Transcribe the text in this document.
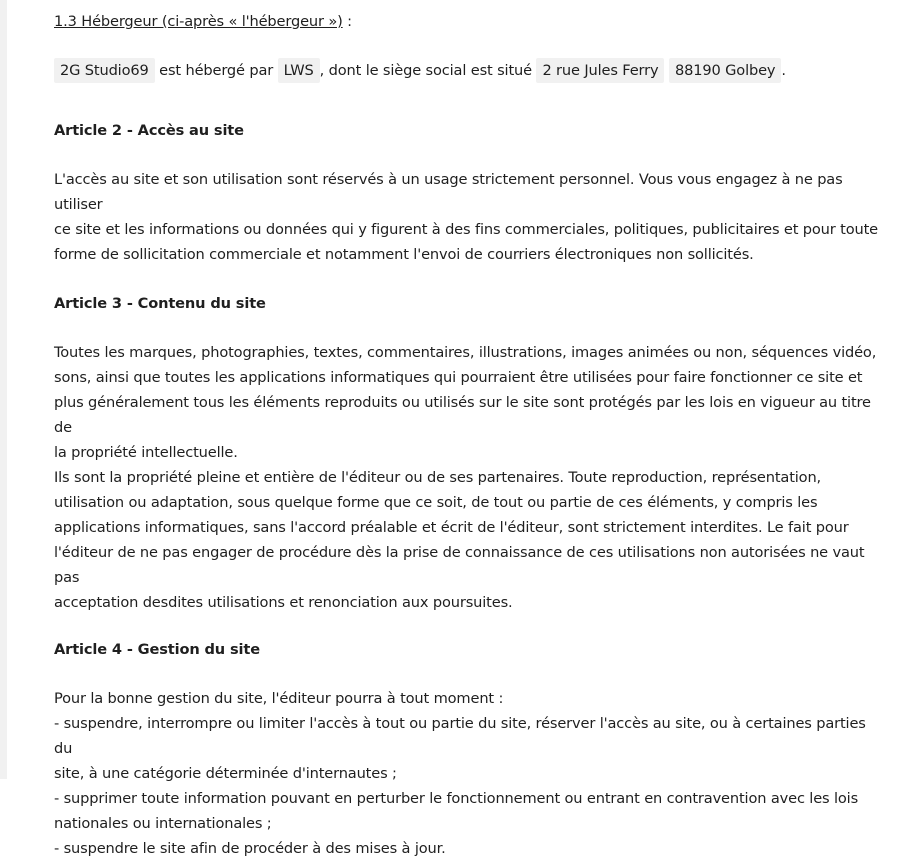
1.3 Hébergeur (ci-après « l'hébergeur ») :
2G Studio69 est hébergé par LWS , dont le siège social est situé 2 rue Jules Ferry 88190 Golbey .
Article 2 - Accès au site
L'accès au site et son utilisation sont réservés à un usage strictement personnel. Vous vous engagez à ne pas utiliser
ce site et les informations ou données qui y figurent à des fins commerciales, politiques, publicitaires et pour toute
forme de sollicitation commerciale et notamment l'envoi de courriers électroniques non sollicités.
Article 3 - Contenu du site
Toutes les marques, photographies, textes, commentaires, illustrations, images animées ou non, séquences vidéo,
sons, ainsi que toutes les applications informatiques qui pourraient être utilisées pour faire fonctionner ce site et
plus généralement tous les éléments reproduits ou utilisés sur le site sont protégés par les lois en vigueur au titre de
la propriété intellectuelle.
Ils sont la propriété pleine et entière de l'éditeur ou de ses partenaires. Toute reproduction, représentation,
utilisation ou adaptation, sous quelque forme que ce soit, de tout ou partie de ces éléments, y compris les
applications informatiques, sans l'accord préalable et écrit de l'éditeur, sont strictement interdites. Le fait pour
l'éditeur de ne pas engager de procédure dès la prise de connaissance de ces utilisations non autorisées ne vaut pas
acceptation desdites utilisations et renonciation aux poursuites.
Article 4 - Gestion du site
Pour la bonne gestion du site, l'éditeur pourra à tout moment :
- suspendre, interrompre ou limiter l'accès à tout ou partie du site, réserver l'accès au site, ou à certaines parties du
site, à une catégorie déterminée d'internautes ;
- supprimer toute information pouvant en perturber le fonctionnement ou entrant en contravention avec les lois
nationales ou internationales ;
- suspendre le site afin de procéder à des mises à jour.
